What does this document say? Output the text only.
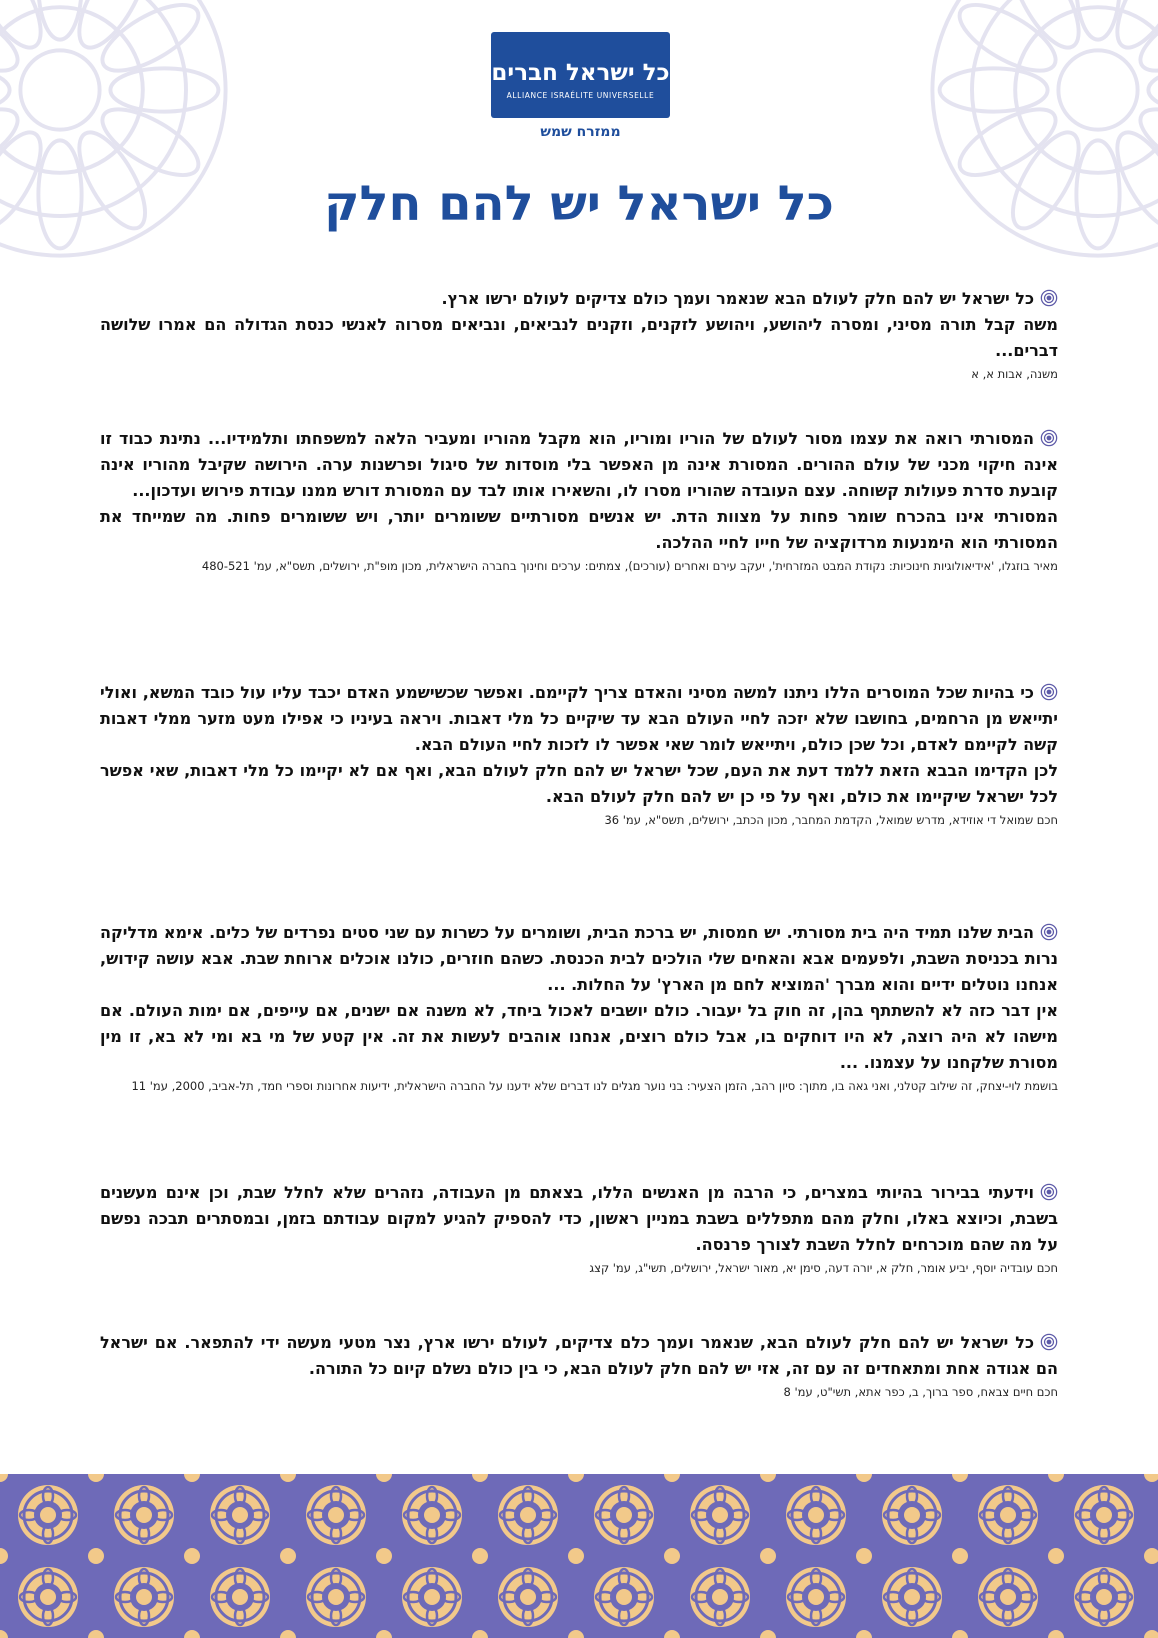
כל ישראל חברים
ALLIANCE ISRAÉLITE UNIVERSELLE
ממזרח שמש
כל ישראל יש להם חלק

כל ישראל יש להם חלק לעולם הבא שנאמר ועמך כולם צדיקים לעולם ירשו ארץ.

משה קבל תורה מסיני, ומסרה ליהושע, ויהושע לזקנים, וזקנים לנביאים, ונביאים מסרוה לאנשי כנסת הגדולה הם אמרו שלושה דברים...

משנה, אבות א, א

המסורתי רואה את עצמו מסור לעולם של הוריו ומוריו, הוא מקבל מהוריו ומעביר הלאה למשפחתו ותלמידיו... נתינת כבוד זו אינה חיקוי מכני של עולם ההורים. המסורת אינה מן האפשר בלי מוסדות של סיגול ופרשנות ערה. הירושה שקיבל מהוריו אינה קובעת סדרת פעולות קשוחה. עצם העובדה שהוריו מסרו לו, והשאירו אותו לבד עם המסורת דורש ממנו עבודת פירוש ועדכון...

המסורתי אינו בהכרח שומר פחות על מצוות הדת. יש אנשים מסורתיים ששומרים יותר, ויש ששומרים פחות. מה שמייחד את המסורתי הוא הימנעות מרדוקציה של חייו לחיי ההלכה.

מאיר בוזגלו, 'אידיאולוגיות חינוכיות: נקודת המבט המזרחית', יעקב עירם ואחרים (עורכים), צמתים: ערכים וחינוך בחברה הישראלית, מכון מופ"ת, ירושלים, תשס"א, עמ' 480-521

כי בהיות שכל המוסרים הללו ניתנו למשה מסיני והאדם צריך לקיימם. ואפשר שכשישמע האדם יכבד עליו עול כובד המשא, ואולי יתייאש מן הרחמים, בחושבו שלא יזכה לחיי העולם הבא עד שיקיים כל מלי דאבות. ויראה בעיניו כי אפילו מעט מזער ממלי דאבות קשה לקיימם לאדם, וכל שכן כולם, ויתייאש לומר שאי אפשר לו לזכות לחיי העולם הבא.

לכן הקדימו הבבא הזאת ללמד דעת את העם, שכל ישראל יש להם חלק לעולם הבא, ואף אם לא יקיימו כל מלי דאבות, שאי אפשר לכל ישראל שיקיימו את כולם, ואף על פי כן יש להם חלק לעולם הבא.

חכם שמואל די אוזידא, מדרש שמואל, הקדמת המחבר, מכון הכתב, ירושלים, תשס"א, עמ' 36

הבית שלנו תמיד היה בית מסורתי. יש חמסות, יש ברכת הבית, ושומרים על כשרות עם שני סטים נפרדים של כלים. אימא מדליקה נרות בכניסת השבת, ולפעמים אבא והאחים שלי הולכים לבית הכנסת. כשהם חוזרים, כולנו אוכלים ארוחת שבת. אבא עושה קידוש, אנחנו נוטלים ידיים והוא מברך 'המוציא לחם מן הארץ' על החלות. ...

אין דבר כזה לא להשתתף בהן, זה חוק בל יעבור. כולם יושבים לאכול ביחד, לא משנה אם ישנים, אם עייפים, אם ימות העולם. אם מישהו לא היה רוצה, לא היו דוחקים בו, אבל כולם רוצים, אנחנו אוהבים לעשות את זה. אין קטע של מי בא ומי לא בא, זו מין מסורת שלקחנו על עצמנו. ...

בושמת לוי-יצחק, זה שילוב קטלני, ואני גאה בו, מתוך: סיון רהב, הזמן הצעיר: בני נוער מגלים לנו דברים שלא ידענו על החברה הישראלית, ידיעות אחרונות וספרי חמד, תל-אביב, 2000, עמ' 11

וידעתי בבירור בהיותי במצרים, כי הרבה מן האנשים הללו, בצאתם מן העבודה, נזהרים שלא לחלל שבת, וכן אינם מעשנים בשבת, וכיוצא באלו, וחלק מהם מתפללים בשבת במניין ראשון, כדי להספיק להגיע למקום עבודתם בזמן, ובמסתרים תבכה נפשם על מה שהם מוכרחים לחלל השבת לצורך פרנסה.

חכם עובדיה יוסף, יביע אומר, חלק א, יורה דעה, סימן יא, מאור ישראל, ירושלים, תשי"ג, עמ' קצג

כל ישראל יש להם חלק לעולם הבא, שנאמר ועמך כלם צדיקים, לעולם ירשו ארץ, נצר מטעי מעשה ידי להתפאר. אם ישראל הם אגודה אחת ומתאחדים זה עם זה, אזי יש להם חלק לעולם הבא, כי בין כולם נשלם קיום כל התורה.

חכם חיים צבאח, ספר ברוך, ב, כפר אתא, תשי"ט, עמ' 8
